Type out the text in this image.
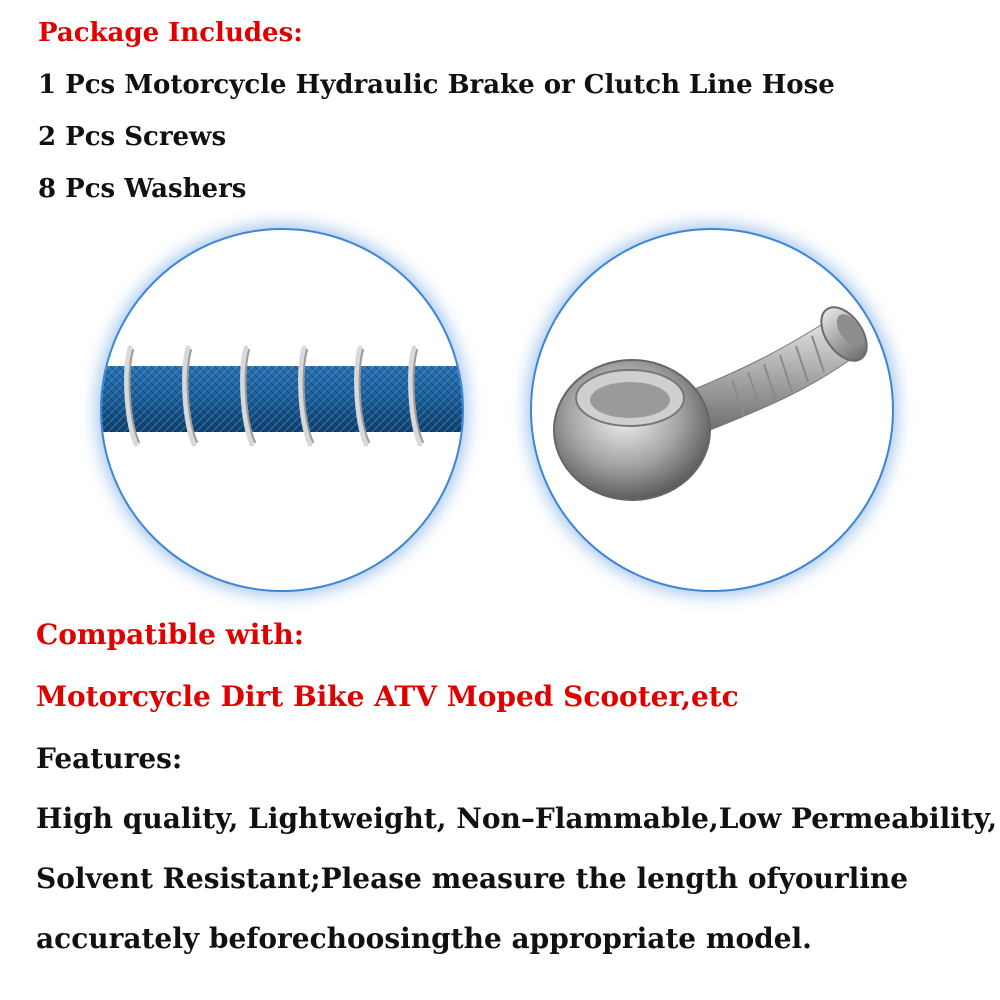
Package Includes:
1 Pcs Motorcycle Hydraulic Brake or Clutch Line Hose
2 Pcs Screws
8 Pcs Washers
Compatible with:
Motorcycle Dirt Bike ATV Moped Scooter,etc
Features:
High quality, Lightweight, Non–Flammable,Low Permeability,
Solvent Resistant;Please measure the length ofyourline
accurately beforechoosingthe appropriate model.
